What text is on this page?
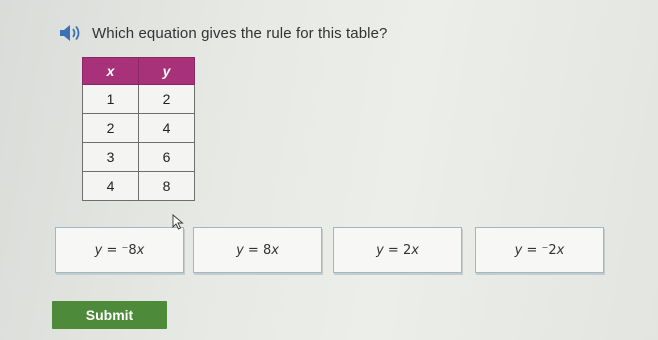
Which equation gives the rule for this table?
x	y
1	2
2	4
3	6
4	8
y = ⁻8 x	y = 8 x	y = 2 x	y = ⁻2 x
Submit
